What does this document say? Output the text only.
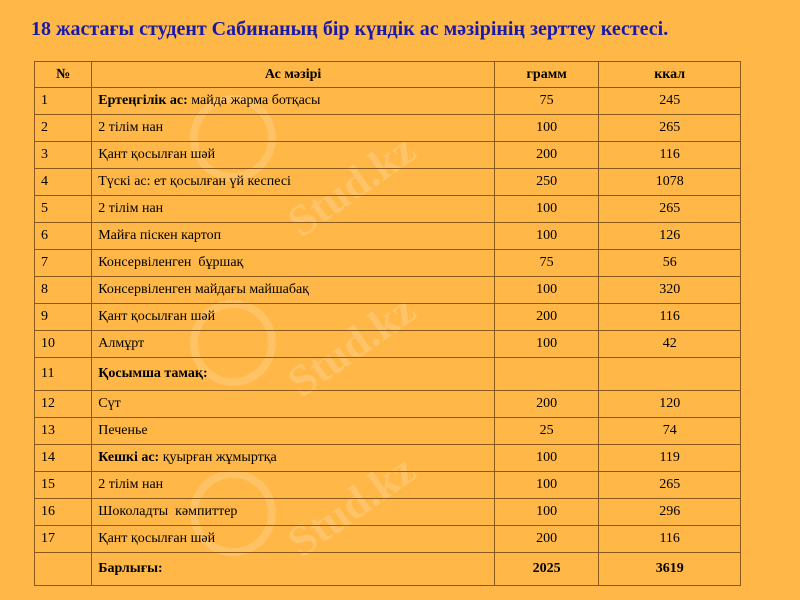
Stud.kz
Stud.kz
Stud.kz
18 жастағы студент Сабинаның бір күндік ас мәзірінің зерттеу кестесі.
№	Ас мәзірі	грамм	ккал
1	Ертеңгілік ас: майда жарма ботқасы	75	245
2	2 тілім нан	100	265
3	Қант қосылған шәй	200	116
4	Түскі ас: ет қосылған үй кеспесі	250	1078
5	2 тілім нан	100	265
6	Майға піскен картоп	100	126
7	Консервіленген  бұршақ	75	56
8	Консервіленген майдағы майшабақ	100	320
9	Қант қосылған шәй	200	116
10	Алмұрт	100	42
11	Қосымша тамақ:		
12	Сүт	200	120
13	Печенье	25	74
14	Кешкі ас: қуырған жұмыртқа	100	119
15	2 тілім нан	100	265
16	Шоколадты  кәмпиттер	100	296
17	Қант қосылған шәй	200	116
	Барлығы:	2025	3619
